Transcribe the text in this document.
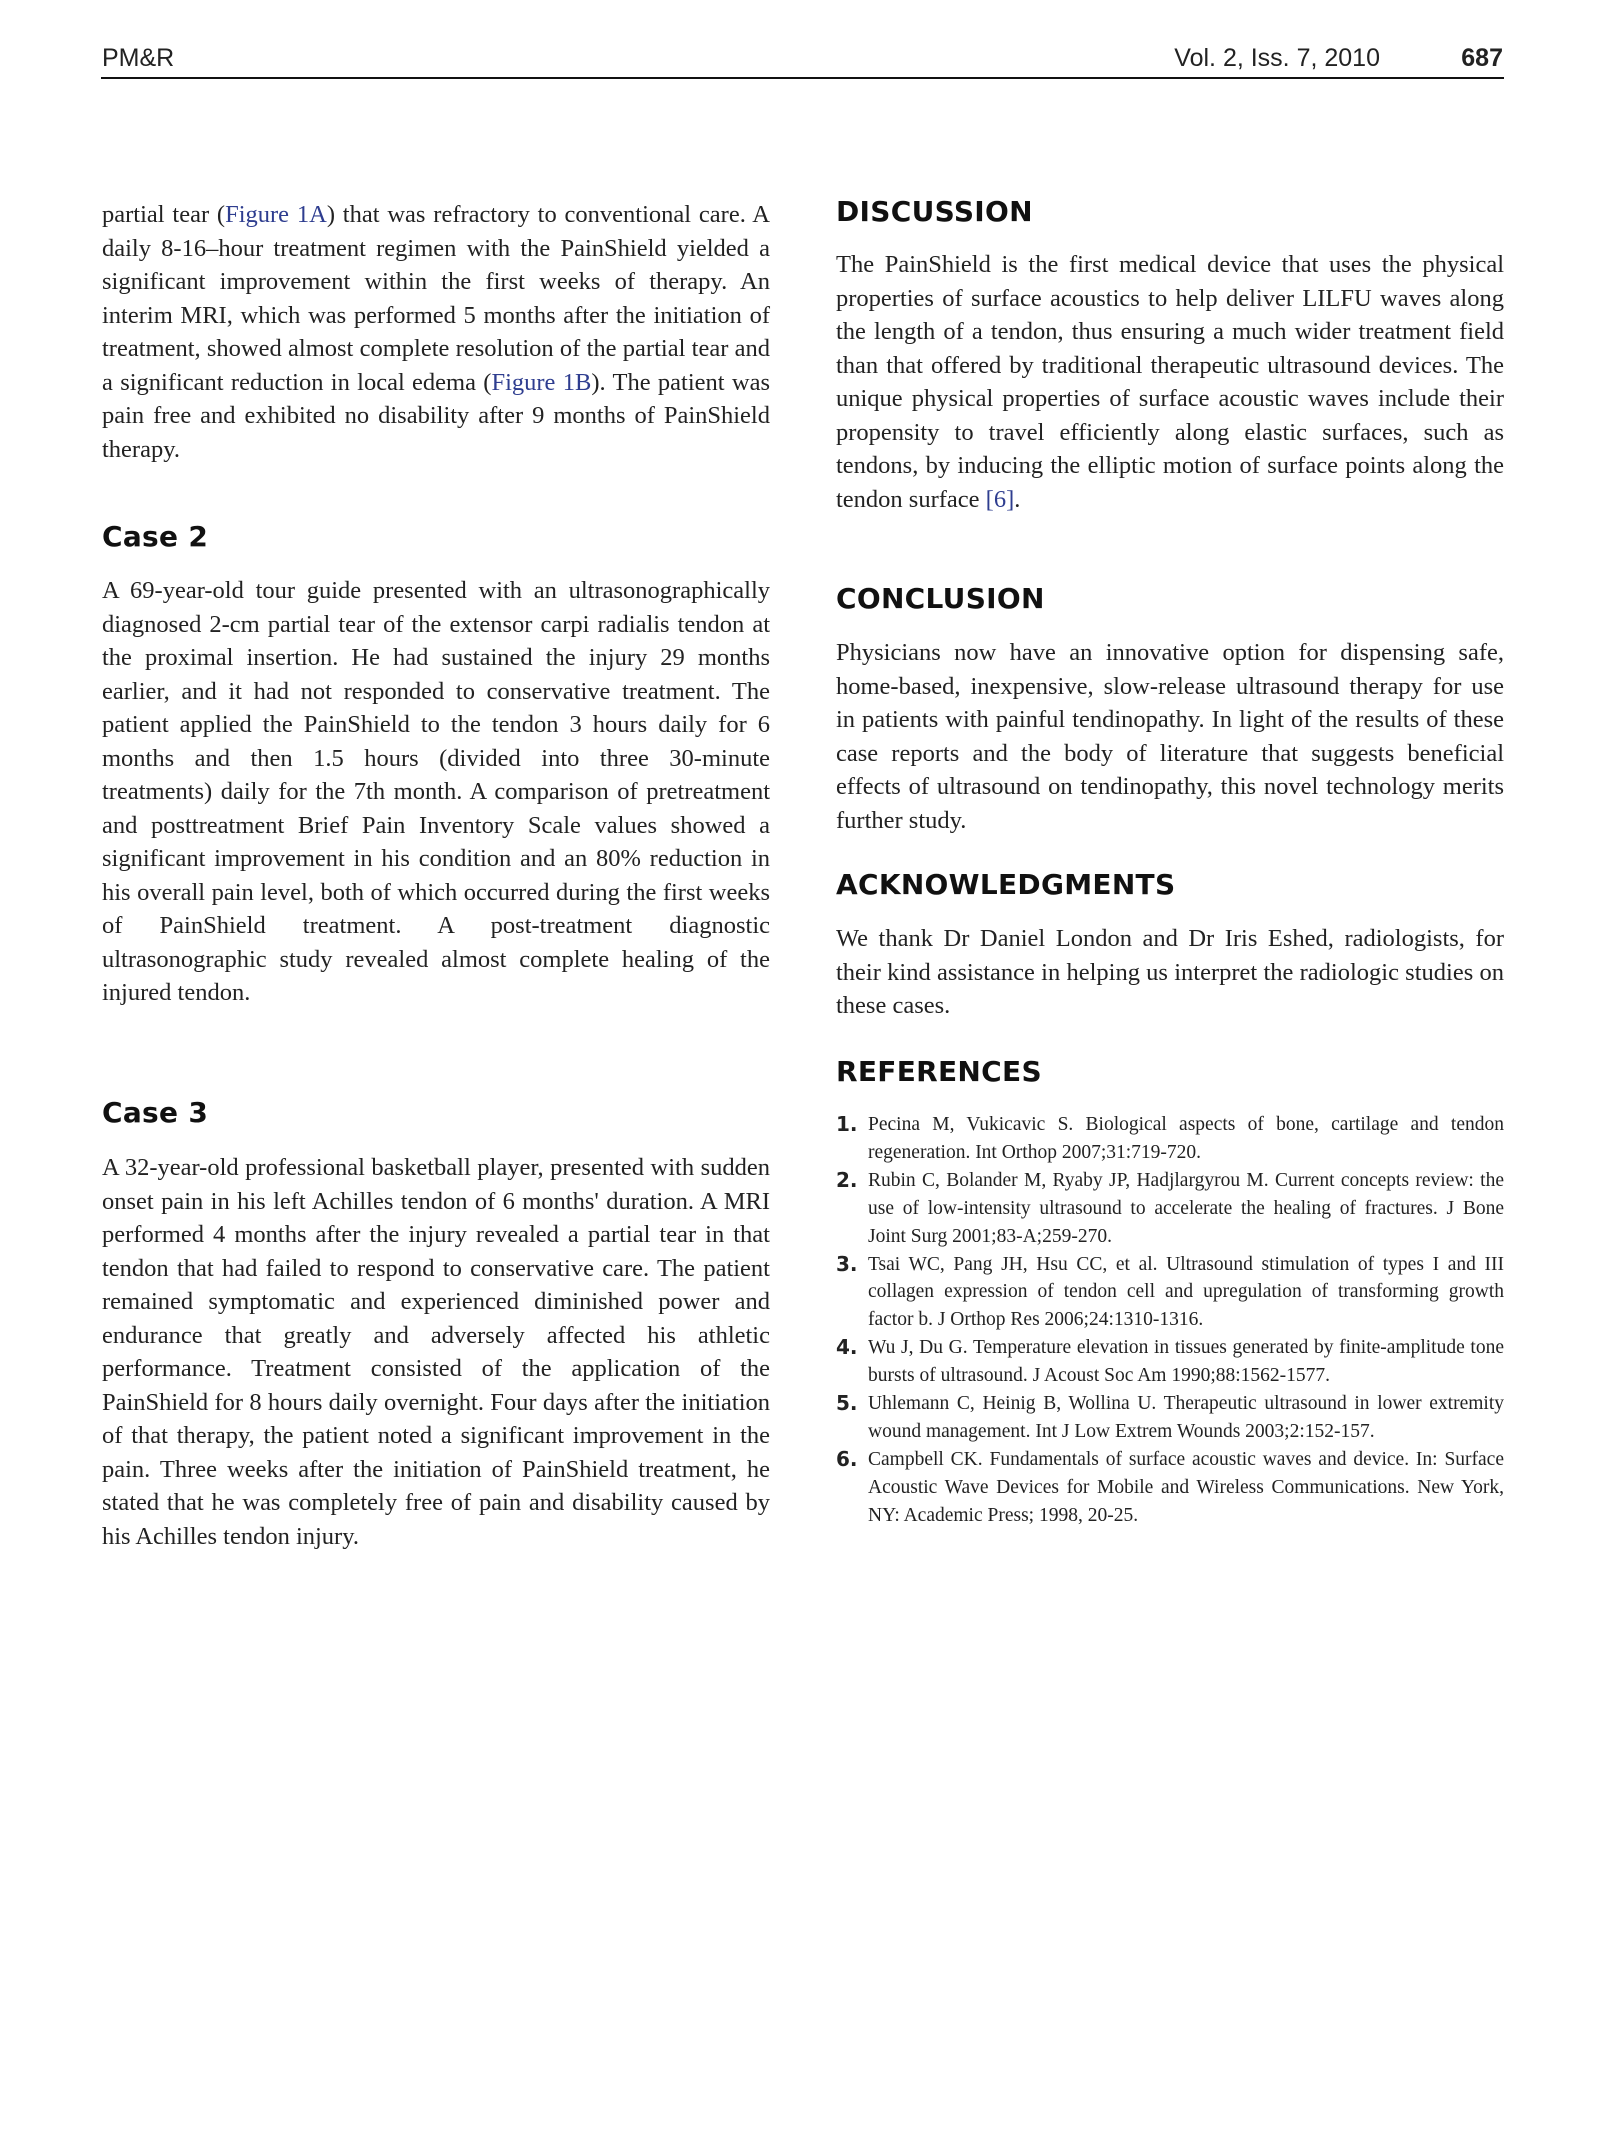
PM&R	Vol. 2, Iss. 7, 2010	687

partial tear (Figure 1A) that was refractory to conventional care. A daily 8-16–hour treatment regimen with the PainShield yielded a significant improvement within the first weeks of therapy. An interim MRI, which was performed 5 months after the initiation of treatment, showed almost complete resolution of the partial tear and a significant reduction in local edema (Figure 1B). The patient was pain free and exhibited no disability after 9 months of PainShield therapy.

Case 2

A 69-year-old tour guide presented with an ultrasonographically diagnosed 2-cm partial tear of the extensor carpi radialis tendon at the proximal insertion. He had sustained the injury 29 months earlier, and it had not responded to conservative treatment. The patient applied the PainShield to the tendon 3 hours daily for 6 months and then 1.5 hours (divided into three 30-minute treatments) daily for the 7th month. A comparison of pretreatment and posttreatment Brief Pain Inventory Scale values showed a significant improvement in his condition and an 80% reduction in his overall pain level, both of which occurred during the first weeks of PainShield treatment. A post-treatment diagnostic ultrasonographic study revealed almost complete healing of the injured tendon.

Case 3

A 32-year-old professional basketball player, presented with sudden onset pain in his left Achilles tendon of 6 months' duration. A MRI performed 4 months after the injury revealed a partial tear in that tendon that had failed to respond to conservative care. The patient remained symptomatic and experienced diminished power and endurance that greatly and adversely affected his athletic performance. Treatment consisted of the application of the PainShield for 8 hours daily overnight. Four days after the initiation of that therapy, the patient noted a significant improvement in the pain. Three weeks after the initiation of PainShield treatment, he stated that he was completely free of pain and disability caused by his Achilles tendon injury.

DISCUSSION

The PainShield is the first medical device that uses the physical properties of surface acoustics to help deliver LILFU waves along the length of a tendon, thus ensuring a much wider treatment field than that offered by traditional therapeutic ultrasound devices. The unique physical properties of surface acoustic waves include their propensity to travel efficiently along elastic surfaces, such as tendons, by inducing the elliptic motion of surface points along the tendon surface [6].

CONCLUSION

Physicians now have an innovative option for dispensing safe, home-based, inexpensive, slow-release ultrasound therapy for use in patients with painful tendinopathy. In light of the results of these case reports and the body of literature that suggests beneficial effects of ultrasound on tendinopathy, this novel technology merits further study.

ACKNOWLEDGMENTS

We thank Dr Daniel London and Dr Iris Eshed, radiologists, for their kind assistance in helping us interpret the radiologic studies on these cases.

REFERENCES
1. Pecina M, Vukicavic S. Biological aspects of bone, cartilage and tendon regeneration. Int Orthop 2007;31:719-720.
2. Rubin C, Bolander M, Ryaby JP, Hadjlargyrou M. Current concepts review: the use of low-intensity ultrasound to accelerate the healing of fractures. J Bone Joint Surg 2001;83-A;259-270.
3. Tsai WC, Pang JH, Hsu CC, et al. Ultrasound stimulation of types I and III collagen expression of tendon cell and upregulation of transforming growth factor b. J Orthop Res 2006;24:1310-1316.
4. Wu J, Du G. Temperature elevation in tissues generated by finite-amplitude tone bursts of ultrasound. J Acoust Soc Am 1990;88:1562-1577.
5. Uhlemann C, Heinig B, Wollina U. Therapeutic ultrasound in lower extremity wound management. Int J Low Extrem Wounds 2003;2:152-157.
6. Campbell CK. Fundamentals of surface acoustic waves and device. In: Surface Acoustic Wave Devices for Mobile and Wireless Communications. New York, NY: Academic Press; 1998, 20-25.
